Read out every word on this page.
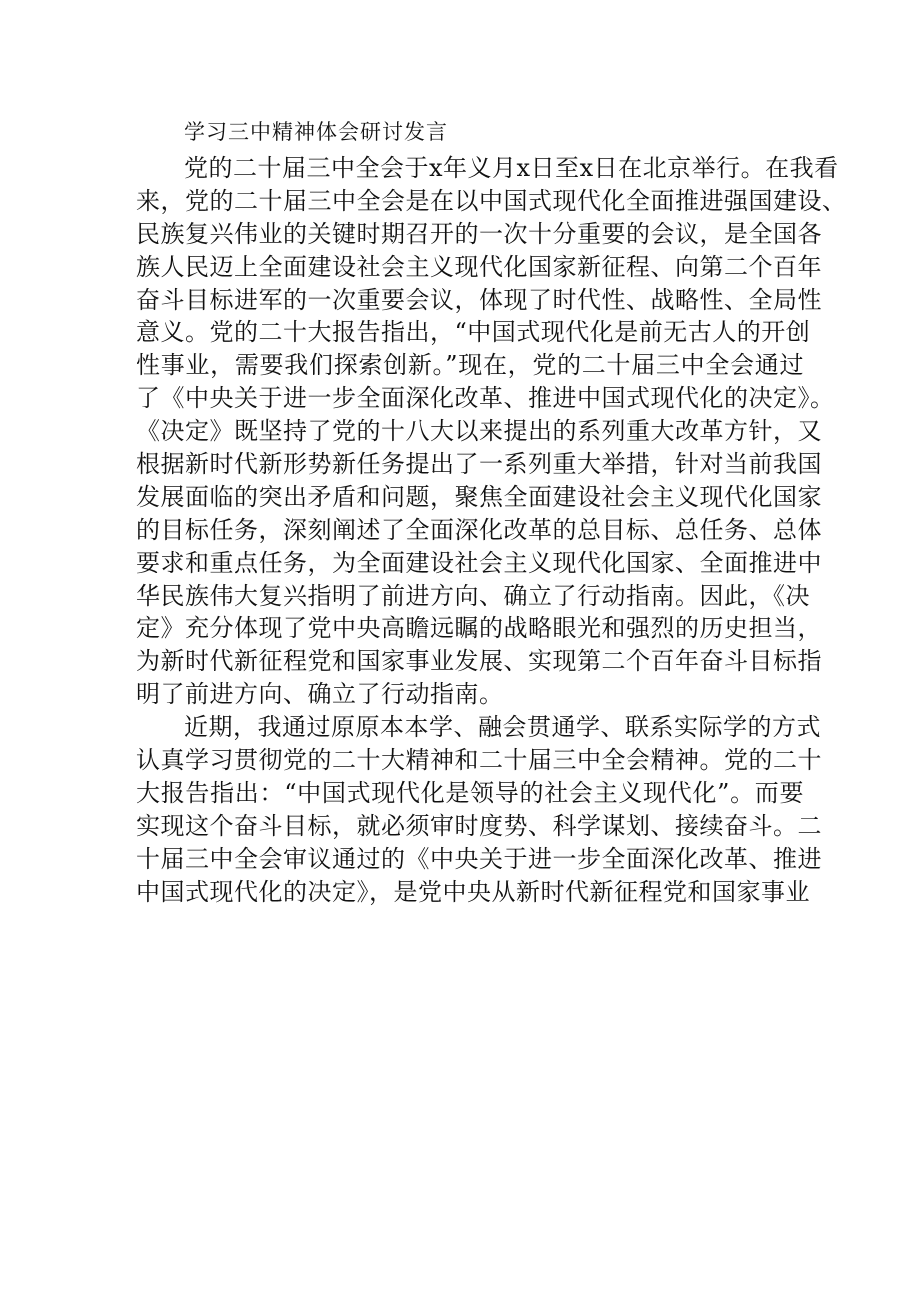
学习三中精神体会研讨发言
党的二十届三中全会于x年义月x日至x日在北京举行。在我看
来，党的二十届三中全会是在以中国式现代化全面推进强国建设、
民族复兴伟业的关键时期召开的一次十分重要的会议，是全国各
族人民迈上全面建设社会主义现代化国家新征程、向第二个百年
奋斗目标进军的一次重要会议，体现了时代性、战略性、全局性
意义。党的二十大报告指出，“中国式现代化是前无古人的开创
性事业，需要我们探索创新。”现在，党的二十届三中全会通过
了《中央关于进一步全面深化改革、推进中国式现代化的决定》。
《决定》既坚持了党的十八大以来提出的系列重大改革方针，又
根据新时代新形势新任务提出了一系列重大举措，针对当前我国
发展面临的突出矛盾和问题，聚焦全面建设社会主义现代化国家
的目标任务，深刻阐述了全面深化改革的总目标、总任务、总体
要求和重点任务，为全面建设社会主义现代化国家、全面推进中
华民族伟大复兴指明了前进方向、确立了行动指南。因此，《决
定》充分体现了党中央高瞻远瞩的战略眼光和强烈的历史担当，
为新时代新征程党和国家事业发展、实现第二个百年奋斗目标指
明了前进方向、确立了行动指南。
近期，我通过原原本本学、融会贯通学、联系实际学的方式
认真学习贯彻党的二十大精神和二十届三中全会精神。党的二十
大报告指出：“中国式现代化是领导的社会主义现代化”。而要
实现这个奋斗目标，就必须审时度势、科学谋划、接续奋斗。二
十届三中全会审议通过的《中央关于进一步全面深化改革、推进
中国式现代化的决定》，是党中央从新时代新征程党和国家事业
